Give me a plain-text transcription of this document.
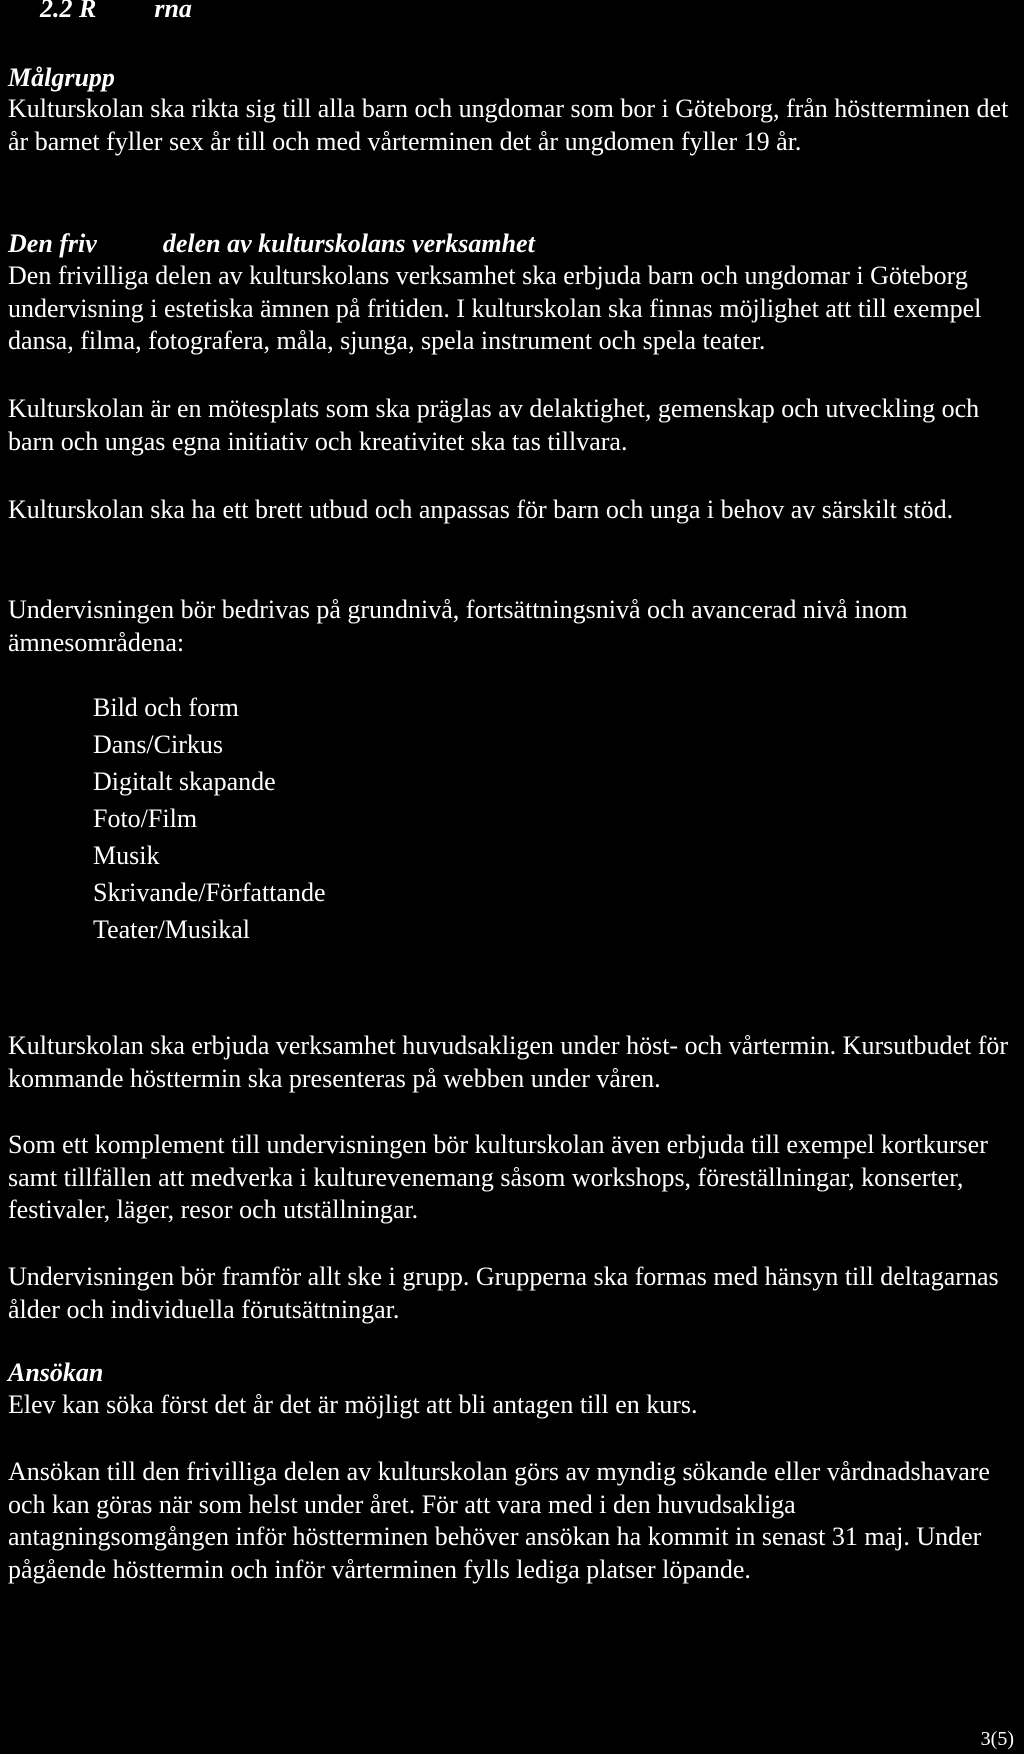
2.2 R rna
Målgrupp

Kulturskolan ska rikta sig till alla barn och ungdomar som bor i Göteborg, från höstterminen det år barnet fyller sex år till och med vårterminen det år ungdomen fyller 19 år.

Den friv	delen av kulturskolans verksamhet

Den frivilliga delen av kulturskolans verksamhet ska erbjuda barn och ungdomar i Göteborg undervisning i estetiska ämnen på fritiden. I kulturskolan ska finnas möjlighet att till exempel dansa, filma, fotografera, måla, sjunga, spela instrument och spela teater.

Kulturskolan är en mötesplats som ska präglas av delaktighet, gemenskap och utveckling och barn och ungas egna initiativ och kreativitet ska tas tillvara.

Kulturskolan ska ha ett brett utbud och anpassas för barn och unga i behov av särskilt stöd.

Undervisningen bör bedrivas på grundnivå, fortsättningsnivå och avancerad nivå inom ämnesområdena:

Bild och form
Dans/Cirkus
Digitalt skapande
Foto/Film
Musik
Skrivande/Författande
Teater/Musikal

Kulturskolan ska erbjuda verksamhet huvudsakligen under höst- och vårtermin. Kursutbudet för kommande hösttermin ska presenteras på webben under våren.

Som ett komplement till undervisningen bör kulturskolan även erbjuda till exempel kortkurser samt tillfällen att medverka i kulturevenemang såsom workshops, föreställningar, konserter, festivaler, läger, resor och utställningar.

Undervisningen bör framför allt ske i grupp. Grupperna ska formas med hänsyn till deltagarnas ålder och individuella förutsättningar.

Ansökan

Elev kan söka först det år det är möjligt att bli antagen till en kurs.

Ansökan till den frivilliga delen av kulturskolan görs av myndig sökande eller vårdnadshavare och kan göras när som helst under året. För att vara med i den huvudsakliga antagningsomgången inför höstterminen behöver ansökan ha kommit in senast 31 maj. Under pågående hösttermin och inför vårterminen fylls lediga platser löpande.

3(5)
